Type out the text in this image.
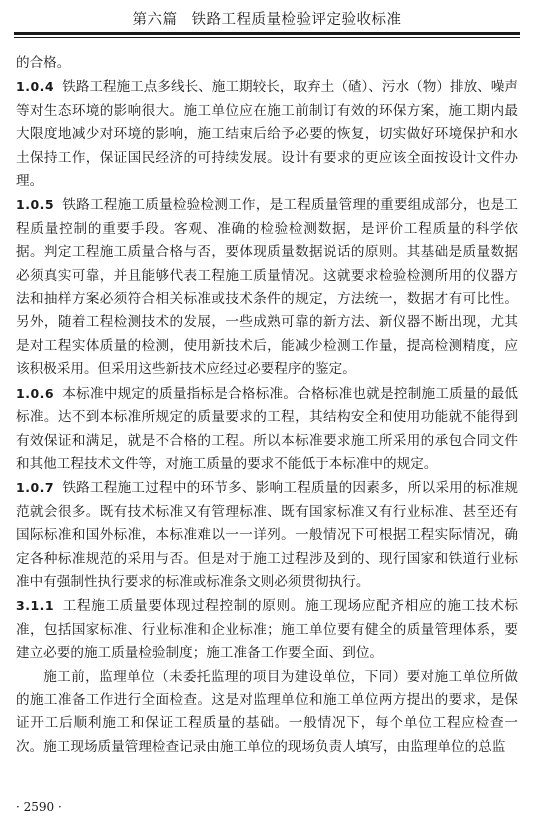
第六篇 铁路工程质量检验评定验收标准

的合格。

1.0.4 铁路工程施工点多线长、施工期较长，取弃土（碴）、污水（物）排放、噪声等对生态环境的影响很大。施工单位应在施工前制订有效的环保方案，施工期内最大限度地减少对环境的影响，施工结束后给予必要的恢复，切实做好环境保护和水土保持工作，保证国民经济的可持续发展。设计有要求的更应该全面按设计文件办理。

1.0.5 铁路工程施工质量检验检测工作，是工程质量管理的重要组成部分，也是工程质量控制的重要手段。客观、准确的检验检测数据，是评价工程质量的科学依据。判定工程施工质量合格与否，要体现质量数据说话的原则。其基础是质量数据必须真实可靠，并且能够代表工程施工质量情况。这就要求检验检测所用的仪器方法和抽样方案必须符合相关标准或技术条件的规定，方法统一，数据才有可比性。另外，随着工程检测技术的发展，一些成熟可靠的新方法、新仪器不断出现，尤其是对工程实体质量的检测，使用新技术后，能减少检测工作量，提高检测精度，应该积极采用。但采用这些新技术应经过必要程序的鉴定。

1.0.6 本标准中规定的质量指标是合格标准。合格标准也就是控制施工质量的最低标准。达不到本标准所规定的质量要求的工程，其结构安全和使用功能就不能得到有效保证和满足，就是不合格的工程。所以本标准要求施工所采用的承包合同文件和其他工程技术文件等，对施工质量的要求不能低于本标准中的规定。

1.0.7 铁路工程施工过程中的环节多、影响工程质量的因素多，所以采用的标准规范就会很多。既有技术标准又有管理标准、既有国家标准又有行业标准、甚至还有国际标准和国外标准，本标准难以一一详列。一般情况下可根据工程实际情况，确定各种标准规范的采用与否。但是对于施工过程涉及到的、现行国家和铁道行业标准中有强制性执行要求的标准或标准条文则必须贯彻执行。

3.1.1 工程施工质量要体现过程控制的原则。施工现场应配齐相应的施工技术标准，包括国家标准、行业标准和企业标准；施工单位要有健全的质量管理体系，要建立必要的施工质量检验制度；施工准备工作要全面、到位。

施工前，监理单位（未委托监理的项目为建设单位，下同）要对施工单位所做的施工准备工作进行全面检查。这是对监理单位和施工单位两方提出的要求，是保证开工后顺利施工和保证工程质量的基础。一般情况下，每个单位工程应检查一次。施工现场质量管理检查记录由施工单位的现场负责人填写，由监理单位的总监

· 2590 ·
